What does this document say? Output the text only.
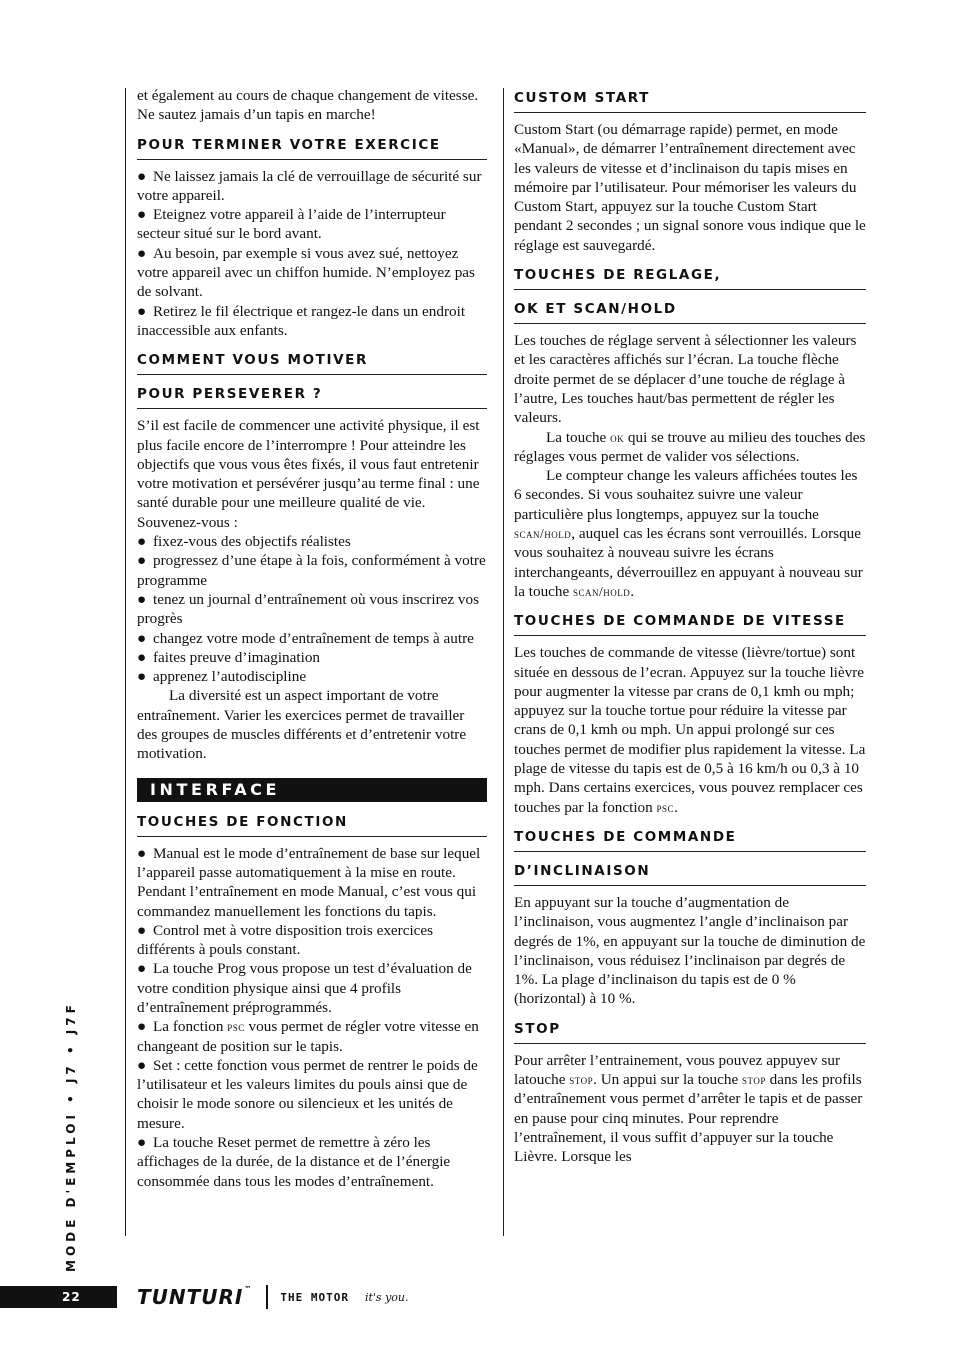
et également au cours de chaque changement de vitesse. Ne sautez jamais d’un tapis en marche!

POUR TERMINER VOTRE EXERCICE

● Ne laissez jamais la clé de verrouillage de sécurité sur votre appareil.

● Eteignez votre appareil à l’aide de l’interrupteur secteur situé sur le bord avant.

● Au besoin, par exemple si vous avez sué, nettoyez votre appareil avec un chiffon humide. N’employez pas de solvant.

● Retirez le fil électrique et rangez-le dans un endroit inaccessible aux enfants.

COMMENT VOUS MOTIVER
POUR PERSEVERER ?

S’il est facile de commencer une activité physique, il est plus facile encore de l’interrompre ! Pour atteindre les objectifs que vous vous êtes fixés, il vous faut entretenir votre motivation et persévérer jusqu’au terme final : une santé durable pour une meilleure qualité de vie. Souvenez-vous :

● fixez-vous des objectifs réalistes

● progressez d’une étape à la fois, conformément à votre programme

● tenez un journal d’entraînement où vous inscrirez vos progrès

● changez votre mode d’entraînement de temps à autre

● faites preuve d’imagination

● apprenez l’autodiscipline

La diversité est un aspect important de votre entraînement. Varier les exercices permet de travailler des groupes de muscles différents et d’entretenir votre motivation.

INTERFACE
TOUCHES DE FONCTION

● Manual est le mode d’entraînement de base sur lequel l’appareil passe automatiquement à la mise en route. Pendant l’entraînement en mode Manual, c’est vous qui commandez manuellement les fonctions du tapis.

● Control met à votre disposition trois exercices différents à pouls constant.

● La touche Prog vous propose un test d’évaluation de votre condition physique ainsi que 4 profils d’entraînement préprogrammés.

● La fonction psc vous permet de régler votre vitesse en changeant de position sur le tapis.

● Set : cette fonction vous permet de rentrer le poids de l’utilisateur et les valeurs limites du pouls ainsi que de choisir le mode sonore ou silencieux et les unités de mesure.

● La touche Reset permet de remettre à zéro les affichages de la durée, de la distance et de l’énergie consommée dans tous les modes d’entraînement.

CUSTOM START

Custom Start (ou démarrage rapide) permet, en mode «Manual», de démarrer l’entraînement directement avec les valeurs de vitesse et d’inclinaison du tapis mises en mémoire par l’utilisateur. Pour mémoriser les valeurs du Custom Start, appuyez sur la touche Custom Start pendant 2 secondes ; un signal sonore vous indique que le réglage est sauvegardé.

TOUCHES DE REGLAGE,
OK ET SCAN/HOLD

Les touches de réglage servent à sélectionner les valeurs et les caractères affichés sur l’écran. La touche flèche droite permet de se déplacer d’une touche de réglage à l’autre, Les touches haut/bas permettent de régler les valeurs.

La touche ok qui se trouve au milieu des touches des réglages vous permet de valider vos sélections.

Le compteur change les valeurs affichées toutes les 6 secondes. Si vous souhaitez suivre une valeur particulière plus longtemps, appuyez sur la touche scan/hold, auquel cas les écrans sont verrouillés. Lorsque vous souhaitez à nouveau suivre les écrans interchangeants, déverrouillez en appuyant à nouveau sur la touche scan/hold.

TOUCHES DE COMMANDE DE VITESSE

Les touches de commande de vitesse (lièvre/tortue) sont située en dessous de l’ecran. Appuyez sur la touche lièvre pour augmenter la vitesse par crans de 0,1 kmh ou mph; appuyez sur la touche tortue pour réduire la vitesse par crans de 0,1 kmh ou mph. Un appui prolongé sur ces touches permet de modifier plus rapidement la vitesse. La plage de vitesse du tapis est de 0,5 à 16 km/h ou 0,3 à 10 mph. Dans certains exercices, vous pouvez remplacer ces touches par la fonction psc.

TOUCHES DE COMMANDE
D’INCLINAISON

En appuyant sur la touche d’augmentation de l’inclinaison, vous augmentez l’angle d’inclinaison par degrés de 1%, en appuyant sur la touche de diminution de l’inclinaison, vous réduisez l’inclinaison par degrés de 1%. La plage d’inclinaison du tapis est de 0 % (horizontal) à 10 %.

STOP

Pour arrêter l’entrainement, vous pouvez appuyev sur latouche stop. Un appui sur la touche stop dans les profils d’entraînement vous permet d’arrêter le tapis et de passer en pause pour cinq minutes. Pour reprendre l’entraînement, il vous suffit d’appuyer sur la touche Lièvre. Lorsque les

MODE D'EMPLOI • J7 • J7F
22	TUNTURI™
THE MOTOR it's you.
